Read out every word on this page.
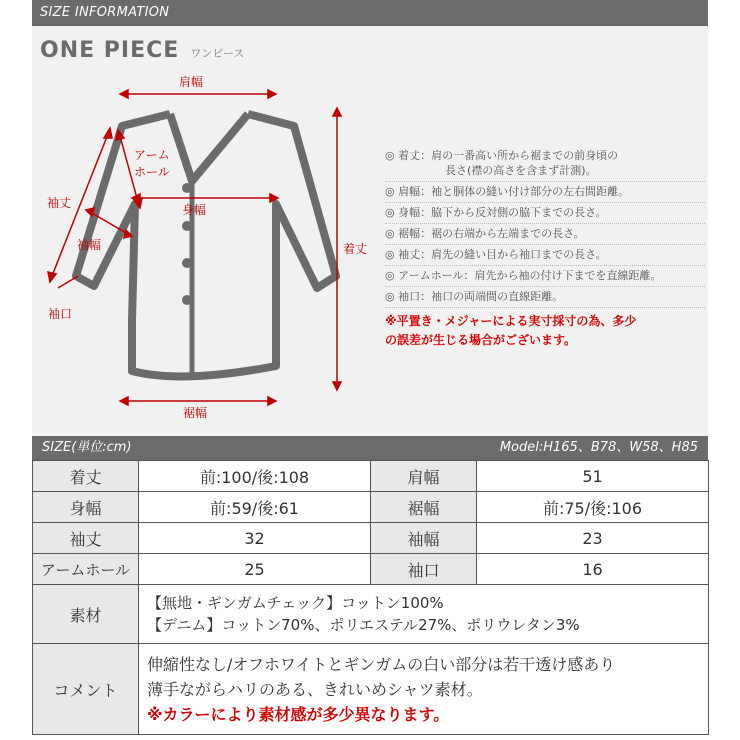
SIZE INFORMATION
ONE PIECE ワンピース
肩幅
アーム
ホール
身幅
袖丈
袖幅
袖口
着丈
裾幅
◎ 着丈：肩の一番高い所から裾までの前身頃の
長さ(襟の高さを含まず計測)。
◎ 肩幅：袖と胴体の縫い付け部分の左右間距離。
◎ 身幅：脇下から反対側の脇下までの長さ。
◎ 裾幅：裾の右端から左端までの長さ。
◎ 袖丈：肩先の縫い目から袖口までの長さ。
◎ アームホール：肩先から袖の付け下までを直線距離。
◎ 袖口：袖口の両端間の直線距離。
※平置き・メジャーによる実寸採寸の為、多少
の誤差が生じる場合がございます。
SIZE(単位:cm)	Model:H165、B78、W58、H85
着丈	前:100/後:108	肩幅	51
身幅	前:59/後:61	裾幅	前:75/後:106
袖丈	32	袖幅	23
アームホール	25	袖口	16
素材	【無地・ギンガムチェック】コットン100%
【デニム】コットン70%、ポリエステル27%、ポリウレタン3%		

コメント	伸縮性なし/オフホワイトとギンガムの白い部分は若干透け感あり
薄手ながらハリのある、きれいめシャツ素材。
※カラーにより素材感が多少異なります。		
